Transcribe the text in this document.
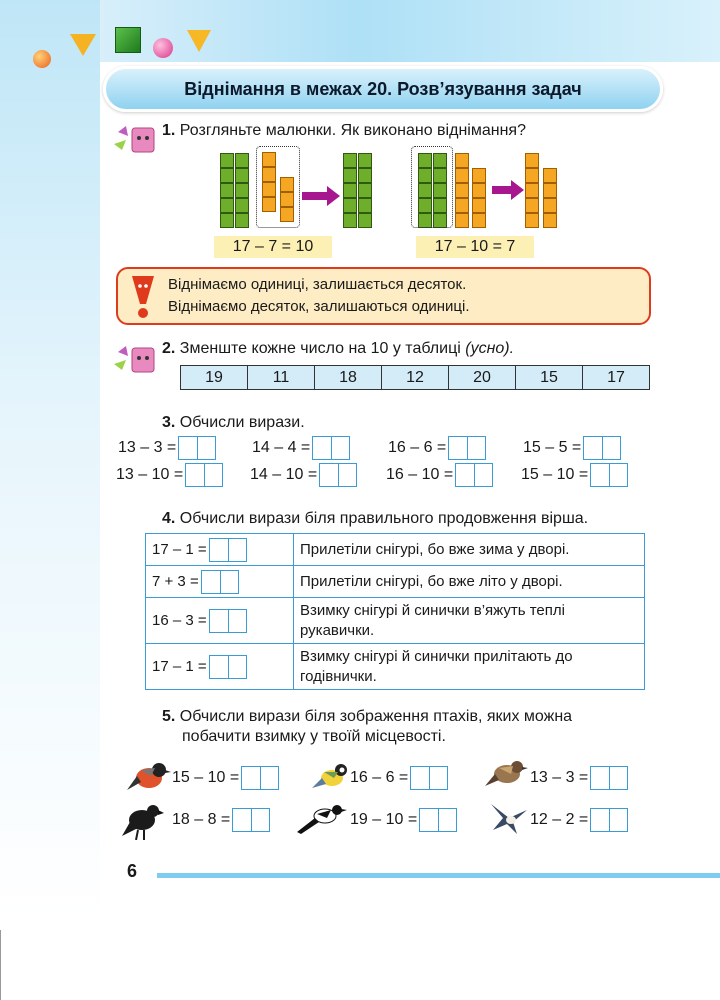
Віднімання в межах 20. Розв’язування задач
1. Розгляньте малюнки. Як виконано віднімання?
17 – 7 = 10	17 – 10 = 7
Віднімаємо одиниці, залишається десяток.
Віднімаємо десяток, залишаються одиниці.
2. Зменште кожне число на 10 у таблиці (усно).
19	11	18	12	20	15	17
3. Обчисли вирази.
13 – 3 =	14 – 4 =	16 – 6 =	15 – 5 =
13 – 10 =	14 – 10 =	16 – 10 =	15 – 10 =
4. Обчисли вирази біля правильного продовження вірша.
17 – 1 =	Прилетіли снігурі, бо вже зима у дворі.
7 + 3 =	Прилетіли снігурі, бо вже літо у дворі.
16 – 3 =	Взимку снігурі й синички в’яжуть теплі рукавички.
17 – 1 =	Взимку снігурі й синички прилітають до годівнички.
5. Обчисли вирази біля зображення птахів, яких можна
побачити взимку у твоїй місцевості.
15 – 10 =	16 – 6 =	13 – 3 =
18 – 8 =	19 – 10 =	12 – 2 =
6
